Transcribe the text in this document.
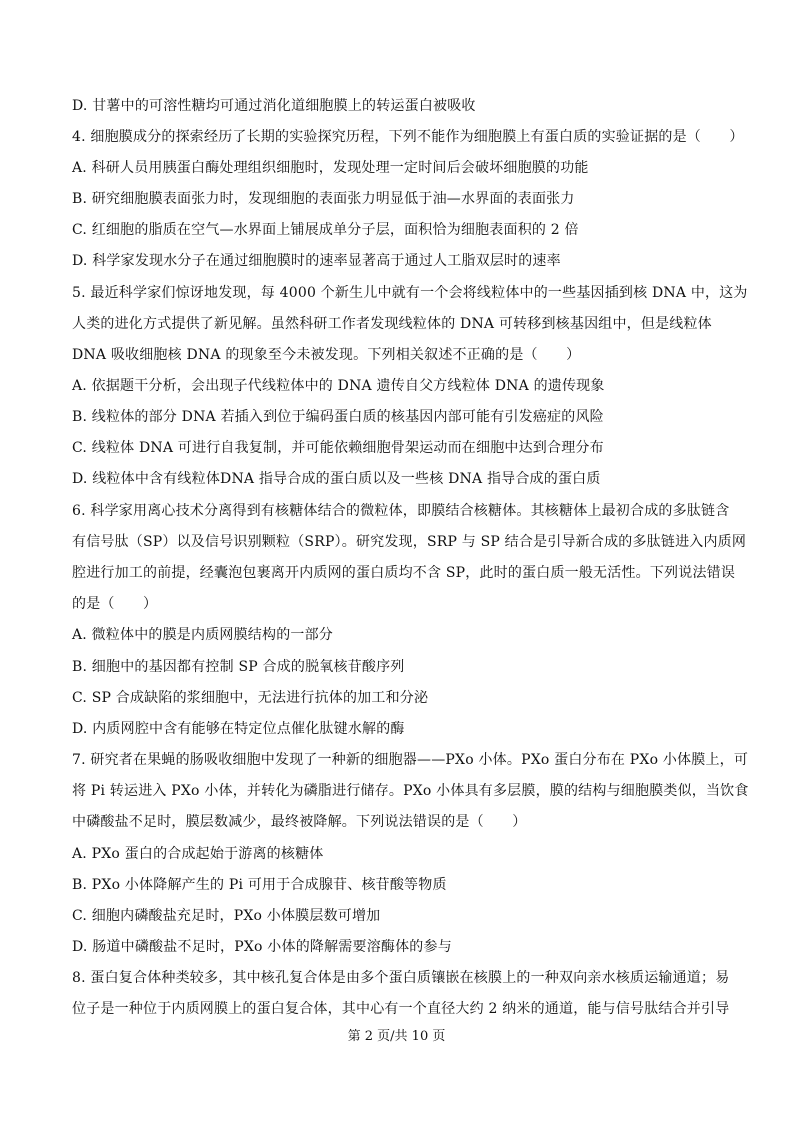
D. 甘薯中的可溶性糖均可通过消化道细胞膜上的转运蛋白被吸收
4. 细胞膜成分的探索经历了长期的实验探究历程，下列不能作为细胞膜上有蛋白质的实验证据的是（　　）
A. 科研人员用胰蛋白酶处理组织细胞时，发现处理一定时间后会破坏细胞膜的功能
B. 研究细胞膜表面张力时，发现细胞的表面张力明显低于油—水界面的表面张力
C. 红细胞的脂质在空气—水界面上铺展成单分子层，面积恰为细胞表面积的 2 倍
D. 科学家发现水分子在通过细胞膜时的速率显著高于通过人工脂双层时的速率
5. 最近科学家们惊讶地发现，每 4000 个新生儿中就有一个会将线粒体中的一些基因插到核 DNA 中，这为
人类的进化方式提供了新见解。虽然科研工作者发现线粒体的 DNA 可转移到核基因组中，但是线粒体
DNA 吸收细胞核 DNA 的现象至今未被发现。下列相关叙述不正确的是（　　）
A. 依据题干分析，会出现子代线粒体中的 DNA 遗传自父方线粒体 DNA 的遗传现象
B. 线粒体的部分 DNA 若插入到位于编码蛋白质的核基因内部可能有引发癌症的风险
C. 线粒体 DNA 可进行自我复制，并可能依赖细胞骨架运动而在细胞中达到合理分布
D. 线粒体中含有线粒体DNA 指导合成的蛋白质以及一些核 DNA 指导合成的蛋白质
6. 科学家用离心技术分离得到有核糖体结合的微粒体，即膜结合核糖体。其核糖体上最初合成的多肽链含
有信号肽（SP）以及信号识别颗粒（SRP）。研究发现，SRP 与 SP 结合是引导新合成的多肽链进入内质网
腔进行加工的前提，经囊泡包裹离开内质网的蛋白质均不含 SP，此时的蛋白质一般无活性。下列说法错误
的是（　　）
A. 微粒体中的膜是内质网膜结构的一部分
B. 细胞中的基因都有控制 SP 合成的脱氧核苷酸序列
C. SP 合成缺陷的浆细胞中，无法进行抗体的加工和分泌
D. 内质网腔中含有能够在特定位点催化肽键水解的酶
7. 研究者在果蝇的肠吸收细胞中发现了一种新的细胞器——PXo 小体。PXo 蛋白分布在 PXo 小体膜上，可
将 Pi 转运进入 PXo 小体，并转化为磷脂进行储存。PXo 小体具有多层膜，膜的结构与细胞膜类似，当饮食
中磷酸盐不足时，膜层数减少，最终被降解。下列说法错误的是（　　）
A. PXo 蛋白的合成起始于游离的核糖体
B. PXo 小体降解产生的 Pi 可用于合成腺苷、核苷酸等物质
C. 细胞内磷酸盐充足时，PXo 小体膜层数可增加
D. 肠道中磷酸盐不足时，PXo 小体的降解需要溶酶体的参与
8. 蛋白复合体种类较多，其中核孔复合体是由多个蛋白质镶嵌在核膜上的一种双向亲水核质运输通道；易
位子是一种位于内质网膜上的蛋白复合体，其中心有一个直径大约 2 纳米的通道，能与信号肽结合并引导
第 2 页/共 10 页
